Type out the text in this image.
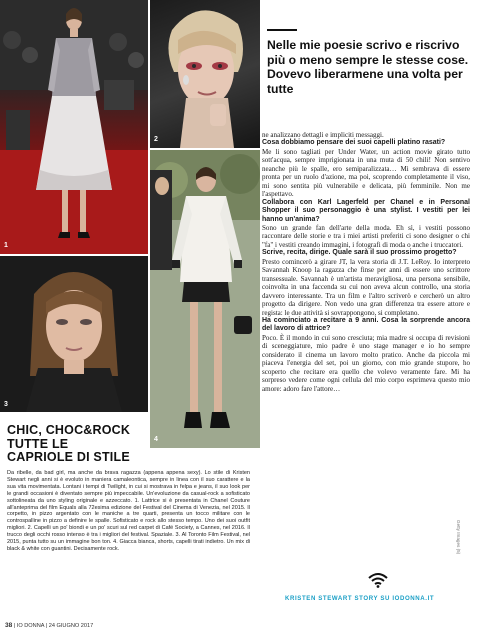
1
2
4
3
CHIC, CHOC&ROCK
TUTTE LE
CAPRIOLE DI STILE

Da ribelle, da bad girl, ma anche da brava ragazza (appena appena sexy). Lo stile di Kristen Stewart negli anni si è evoluto in maniera camaleontica, sempre in linea con il suo carattere e la sua vita movimentata. Lontani i tempi di Twilight, in cui si mostrava in felpa e jeans, il suo look per le grandi occasioni è diventato sempre più impeccabile. Un'evoluzione da casual-rock a sofisticato sottolineata da uno styling originale e azzeccato. 1. Lattrice si è presentata in Chanel Couture all'anteprima del film Equals alla 72esima edizione del Festival del Cinema di Venezia, nel 2015. Il corpetto, in pizzo argentato con le maniche a tre quarti, presenta un tocco militare con le controspalline in pizzo a definire le spalle. Sofisticato e rock allo stesso tempo. Uno dei suoi outfit migliori. 2. Capelli un po' biondi e un po' scuri sul red carpet di Café Society, a Cannes, nel 2016. Il trucco degli occhi rosso intenso è tra i migliori del festival. Spaziale. 3. Al Toronto Film Festival, nel 2015, punta tutto su un immagine bon ton. 4. Giacca bianca, shorts, capelli tirati indietro. Un mix di black & white con guantini. Decisamente rock.

Nelle mie poesie scrivo e riscrivo più o meno sempre le stesse cose. Dovevo liberarmene una volta per tutte

ne analizzano dettagli e impliciti messaggi.

Cosa dobbiamo pensare dei suoi capelli platino rasati?

Me li sono tagliati per Under Water, un action movie girato tutto sott'acqua, sempre imprigionata in una muta di 50 chili! Non sentivo neanche più le spalle, ero semiparalizzata… Mi sembrava di essere pronta per un ruolo d'azione, ma poi, scoprendo completamente il viso, mi sono sentita più vulnerabile e delicata, più femminile. Non me l'aspettavo.

Collabora con Karl Lagerfeld per Chanel e in Personal Shopper il suo personaggio è una stylist. I vestiti per lei hanno un'anima?

Sono un grande fan dell'arte della moda. Eh sì, i vestiti possono raccontare delle storie e tra i miei artisti preferiti ci sono designer o chi "fa" i vestiti creando immagini, i fotografi di moda o anche i truccatori.

Scrive, recita, dirige. Quale sarà il suo prossimo progetto?

Presto comincerò a girare JT, la vera storia di J.T. LeRoy. Io interpreto Savannah Knoop la ragazza che finse per anni di essere uno scrittore transessuale. Savannah è un'artista meravigliosa, una persona sensibile, coinvolta in una faccenda su cui non aveva alcun controllo, una storia davvero interessante. Tra un film e l'altro scriverò e cercherò un altro progetto da dirigere. Non vedo una gran differenza tra essere attore e regista: le due attività si sovrappongono, si completano.

Ha cominciato a recitare a 9 anni. Cosa la sorprende ancora del lavoro di attrice?

Poco. È il mondo in cui sono cresciuta; mia madre si occupa di revisioni di sceneggiature, mio padre è uno stage manager e io ho sempre considerato il cinema un lavoro molto pratico. Anche da piccola mi piaceva l'energia del set, poi un giorno, con mio grande stupore, ho scoperto che recitare era quello che volevo veramente fare. Mi ha sorpreso vedere come ogni cellula del mio corpo esprimeva questo mio amore: adoro fare l'attore…

KRISTEN STEWART STORY SU IODONNA.IT
Getty Images (5)
38 | IO DONNA | 24 GIUGNO 2017
